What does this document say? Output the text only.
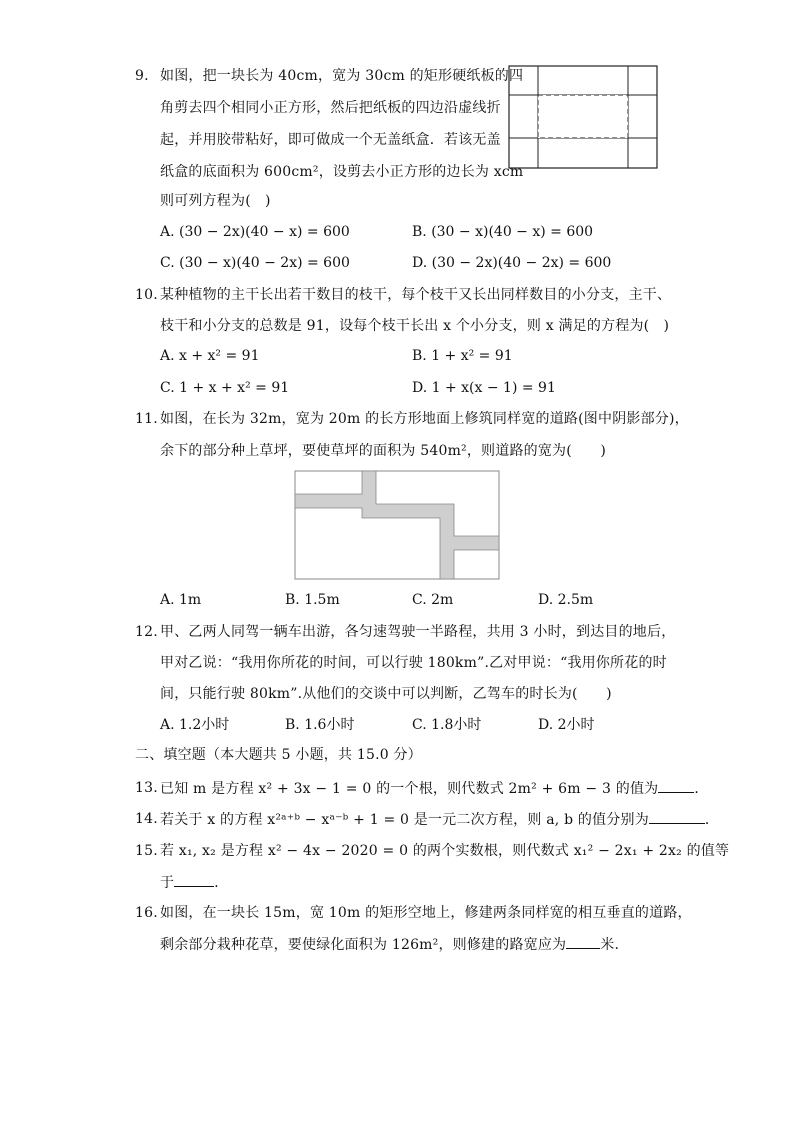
9. 如图，把一块长为 40cm，宽为 30cm 的矩形硬纸板的四
角剪去四个相同小正方形，然后把纸板的四边沿虚线折
起，并用胶带粘好，即可做成一个无盖纸盒．若该无盖
纸盒的底面积为 600cm²，设剪去小正方形的边长为 xcm
则可列方程为(　)
A. (30 − 2x)(40 − x) = 600	B. (30 − x)(40 − x) = 600
C. (30 − x)(40 − 2x) = 600	D. (30 − 2x)(40 − 2x) = 600
10. 某种植物的主干长出若干数目的枝干，每个枝干又长出同样数目的小分支，主干、
枝干和小分支的总数是 91，设每个枝干长出 x 个小分支，则 x 满足的方程为(　)
A. x + x² = 91	B. 1 + x² = 91
C. 1 + x + x² = 91	D. 1 + x(x − 1) = 91
11. 如图，在长为 32m，宽为 20m 的长方形地面上修筑同样宽的道路(图中阴影部分)，
余下的部分种上草坪，要使草坪的面积为 540m²，则道路的宽为(　　)
A. 1m	B. 1.5m	C. 2m	D. 2.5m
12. 甲、乙两人同驾一辆车出游，各匀速驾驶一半路程，共用 3 小时，到达目的地后，
甲对乙说：“我用你所花的时间，可以行驶 180km”.乙对甲说：“我用你所花的时
间，只能行驶 80km”.从他们的交谈中可以判断，乙驾车的时长为(　　)
A. 1.2小时	B. 1.6小时	C. 1.8小时	D. 2小时
二、填空题（本大题共 5 小题，共 15.0 分）
13. 已知 m 是方程 x² + 3x − 1 = 0 的一个根，则代数式 2m² + 6m − 3 的值为	．
14. 若关于 x 的方程 x²ᵃ⁺ᵇ − xᵃ⁻ᵇ + 1 = 0 是一元二次方程，则 a, b 的值分别为	．
15. 若 x₁, x₂ 是方程 x² − 4x − 2020 = 0 的两个实数根，则代数式 x₁² − 2x₁ + 2x₂ 的值等
于	．
16. 如图，在一块长 15m，宽 10m 的矩形空地上，修建两条同样宽的相互垂直的道路，
剩余部分栽种花草，要使绿化面积为 126m²，则修建的路宽应为 米.
